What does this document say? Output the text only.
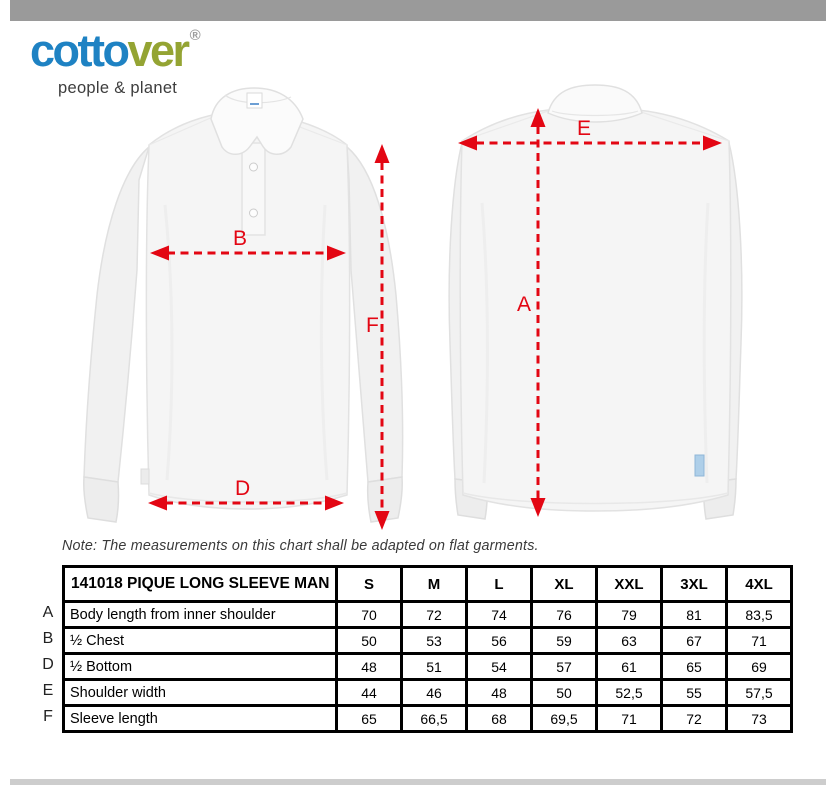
cottover ®
people & planet
B
D
F
E
A
Note: The measurements on this chart shall be adapted on flat garments.
A
B
D
E
F
141018 PIQUE LONG SLEEVE MAN	S	M	L	XL	XXL	3XL	4XL
Body length from inner shoulder	70	72	74	76	79	81	83,5
½ Chest	50	53	56	59	63	67	71
½ Bottom	48	51	54	57	61	65	69
Shoulder width	44	46	48	50	52,5	55	57,5
Sleeve length	65	66,5	68	69,5	71	72	73
